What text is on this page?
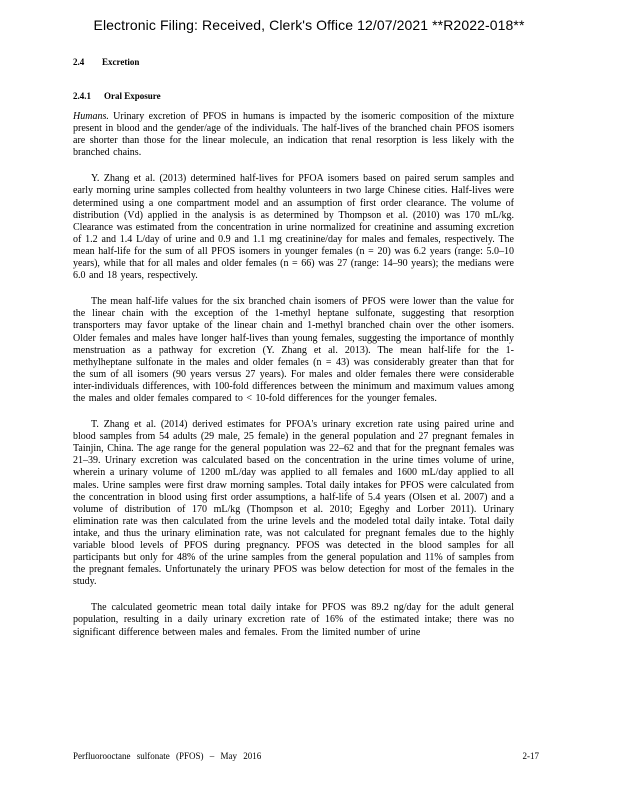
Electronic Filing: Received, Clerk's Office 12/07/2021 **R2022-018**
2.4 Excretion
2.4.1 Oral Exposure

Humans. Urinary excretion of PFOS in humans is impacted by the isomeric composition of the mixture present in blood and the gender/age of the individuals. The half-lives of the branched chain PFOS isomers are shorter than those for the linear molecule, an indication that renal resorption is less likely with the branched chains.

Y. Zhang et al. (2013) determined half-lives for PFOA isomers based on paired serum samples and early morning urine samples collected from healthy volunteers in two large Chinese cities. Half-lives were determined using a one compartment model and an assumption of first order clearance. The volume of distribution (Vd) applied in the analysis is as determined by Thompson et al. (2010) was 170 mL/kg. Clearance was estimated from the concentration in urine normalized for creatinine and assuming excretion of 1.2 and 1.4 L/day of urine and 0.9 and 1.1 mg creatinine/day for males and females, respectively. The mean half-life for the sum of all PFOS isomers in younger females (n = 20) was 6.2 years (range: 5.0–10 years), while that for all males and older females (n = 66) was 27 (range: 14–90 years); the medians were 6.0 and 18 years, respectively.

The mean half-life values for the six branched chain isomers of PFOS were lower than the value for the linear chain with the exception of the 1-methyl heptane sulfonate, suggesting that resorption transporters may favor uptake of the linear chain and 1-methyl branched chain over the other isomers. Older females and males have longer half-lives than young females, suggesting the importance of monthly menstruation as a pathway for excretion (Y. Zhang et al. 2013). The mean half-life for the 1-methylheptane sulfonate in the males and older females (n = 43) was considerably greater than that for the sum of all isomers (90 years versus 27 years). For males and older females there were considerable inter-individuals differences, with 100-fold differences between the minimum and maximum values among the males and older females compared to < 10-fold differences for the younger females.

T. Zhang et al. (2014) derived estimates for PFOA's urinary excretion rate using paired urine and blood samples from 54 adults (29 male, 25 female) in the general population and 27 pregnant females in Tainjin, China. The age range for the general population was 22–62 and that for the pregnant females was 21–39. Urinary excretion was calculated based on the concentration in the urine times volume of urine, wherein a urinary volume of 1200 mL/day was applied to all females and 1600 mL/day applied to all males. Urine samples were first draw morning samples. Total daily intakes for PFOS were calculated from the concentration in blood using first order assumptions, a half-life of 5.4 years (Olsen et al. 2007) and a volume of distribution of 170 mL/kg (Thompson et al. 2010; Egeghy and Lorber 2011). Urinary elimination rate was then calculated from the urine levels and the modeled total daily intake. Total daily intake, and thus the urinary elimination rate, was not calculated for pregnant females due to the highly variable blood levels of PFOS during pregnancy. PFOS was detected in the blood samples for all participants but only for 48% of the urine samples from the general population and 11% of samples from the pregnant females. Unfortunately the urinary PFOS was below detection for most of the females in the study.

The calculated geometric mean total daily intake for PFOS was 89.2 ng/day for the adult general population, resulting in a daily urinary excretion rate of 16% of the estimated intake; there was no significant difference between males and females. From the limited number of urine

Perfluorooctane sulfonate (PFOS) – May 2016	2-17
